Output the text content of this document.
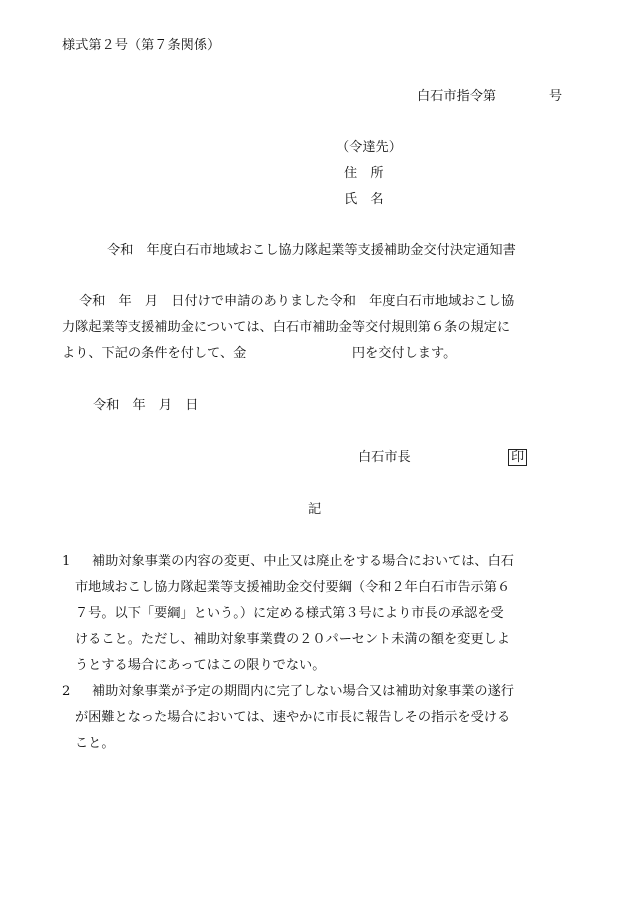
様式第２号（第７条関係）
白石市指令第　　　　号
（令達先）
住　所
氏　名
令和　年度白石市地域おこし協力隊起業等支援補助金交付決定通知書
令和　年　月　日付けで申請のありました令和　年度白石市地域おこし協
力隊起業等支援補助金については、白石市補助金等交付規則第６条の規定に
より、下記の条件を付して、金　　　　　　　　円を交付します。
令和　年　月　日
白石市長	印
記
1 補助対象事業の内容の変更、中止又は廃止をする場合においては、白石
市地域おこし協力隊起業等支援補助金交付要綱（令和２年白石市告示第６
７号。以下「要綱」という。）に定める様式第３号により市長の承認を受
けること。ただし、補助対象事業費の２０パーセント未満の額を変更しよ
うとする場合にあってはこの限りでない。
2 補助対象事業が予定の期間内に完了しない場合又は補助対象事業の遂行
が困難となった場合においては、速やかに市長に報告しその指示を受ける
こと。
